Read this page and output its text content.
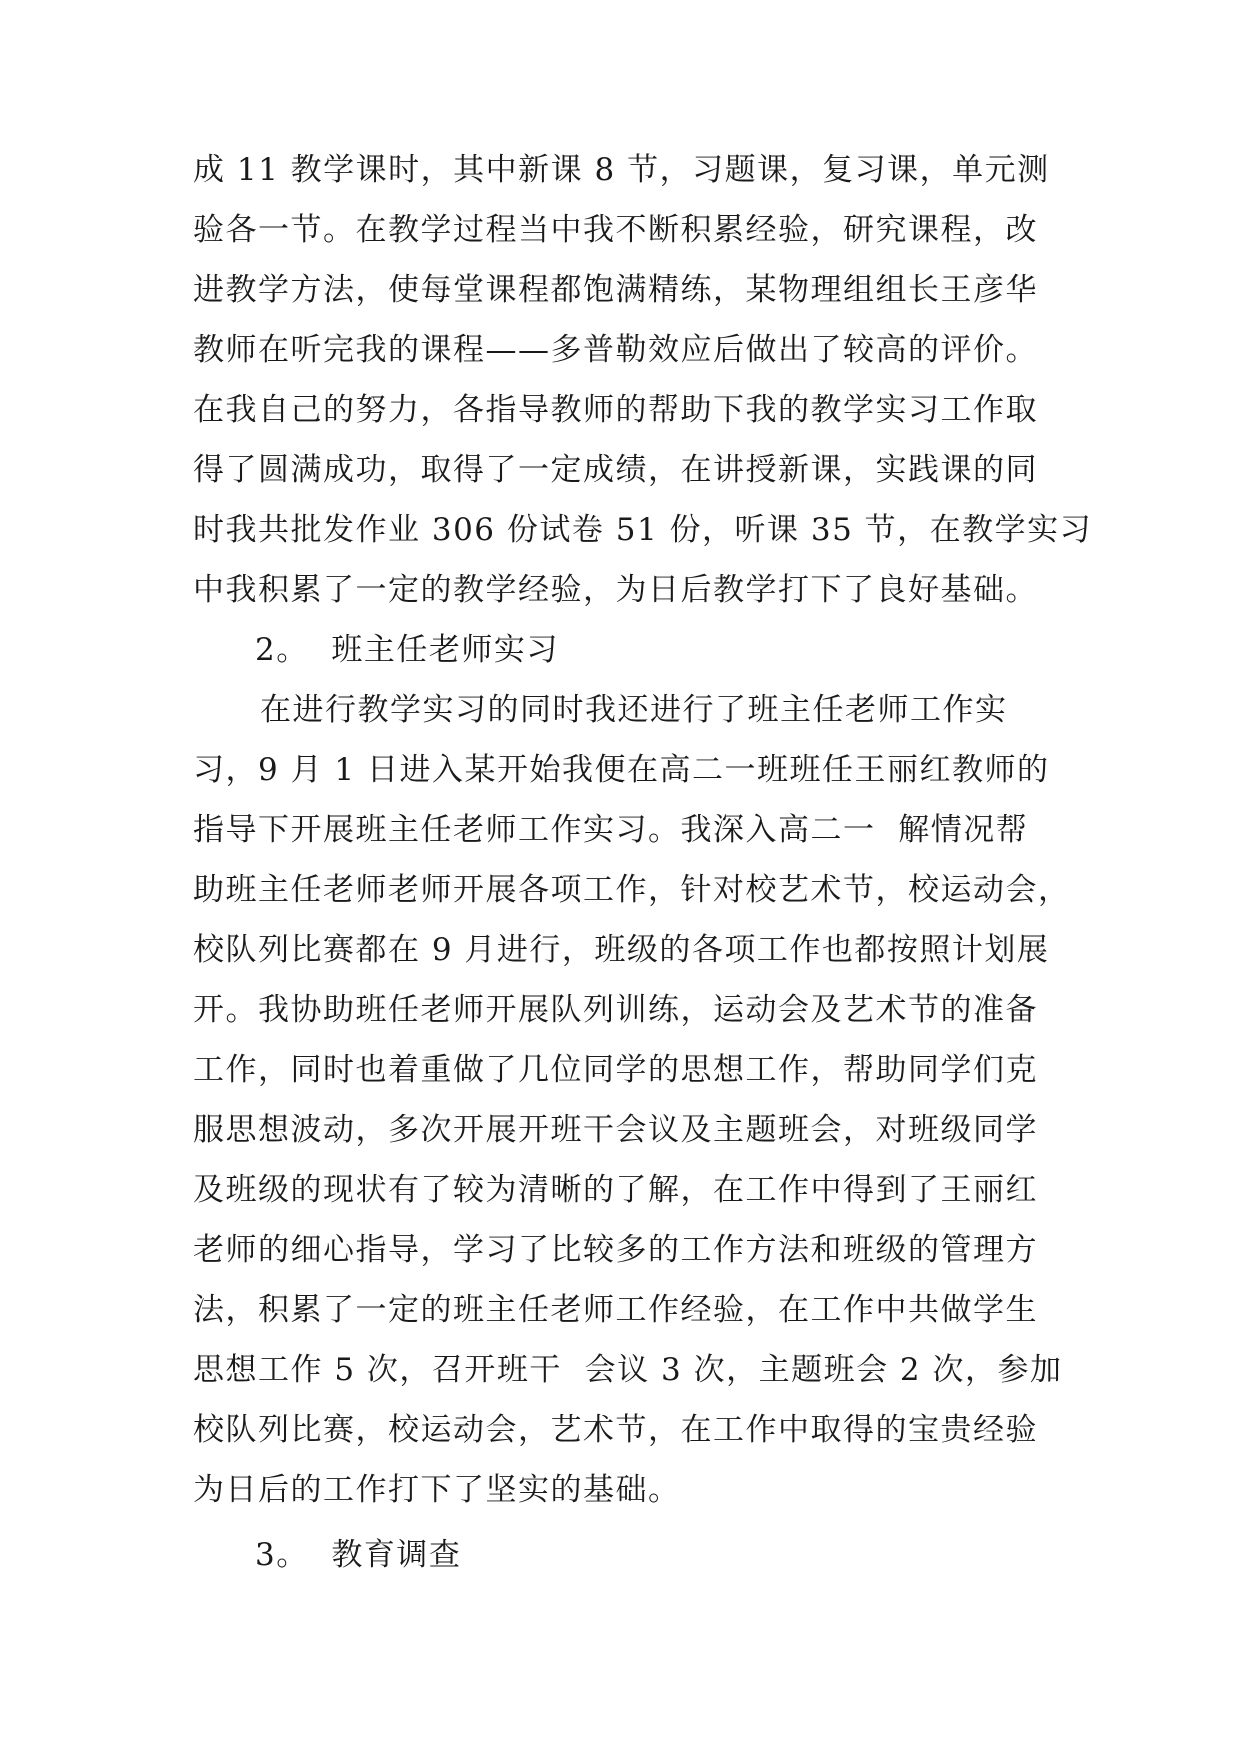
成 11 教学课时，其中新课 8 节，习题课，复习课，单元测
验各一节。在教学过程当中我不断积累经验，研究课程，改
进教学方法，使每堂课程都饱满精练，某物理组组长王彦华
教师在听完我的课程——多普勒效应后做出了较高的评价。
在我自己的努力，各指导教师的帮助下我的教学实习工作取
得了圆满成功，取得了一定成绩，在讲授新课，实践课的同
时我共批发作业 306 份试卷 51 份，听课 35 节，在教学实习
中我积累了一定的教学经验，为日后教学打下了良好基础。
2。  班主任老师实习
在进行教学实习的同时我还进行了班主任老师工作实
习，9 月 1 日进入某开始我便在高二一班班任王丽红教师的
指导下开展班主任老师工作实习。我深入高二一  解情况帮
助班主任老师老师开展各项工作，针对校艺术节，校运动会，
校队列比赛都在 9 月进行，班级的各项工作也都按照计划展
开。我协助班任老师开展队列训练，运动会及艺术节的准备
工作，同时也着重做了几位同学的思想工作，帮助同学们克
服思想波动，多次开展开班干会议及主题班会，对班级同学
及班级的现状有了较为清晰的了解，在工作中得到了王丽红
老师的细心指导，学习了比较多的工作方法和班级的管理方
法，积累了一定的班主任老师工作经验，在工作中共做学生
思想工作 5 次，召开班干  会议 3 次，主题班会 2 次，参加
校队列比赛，校运动会，艺术节，在工作中取得的宝贵经验
为日后的工作打下了坚实的基础。
3。  教育调查
